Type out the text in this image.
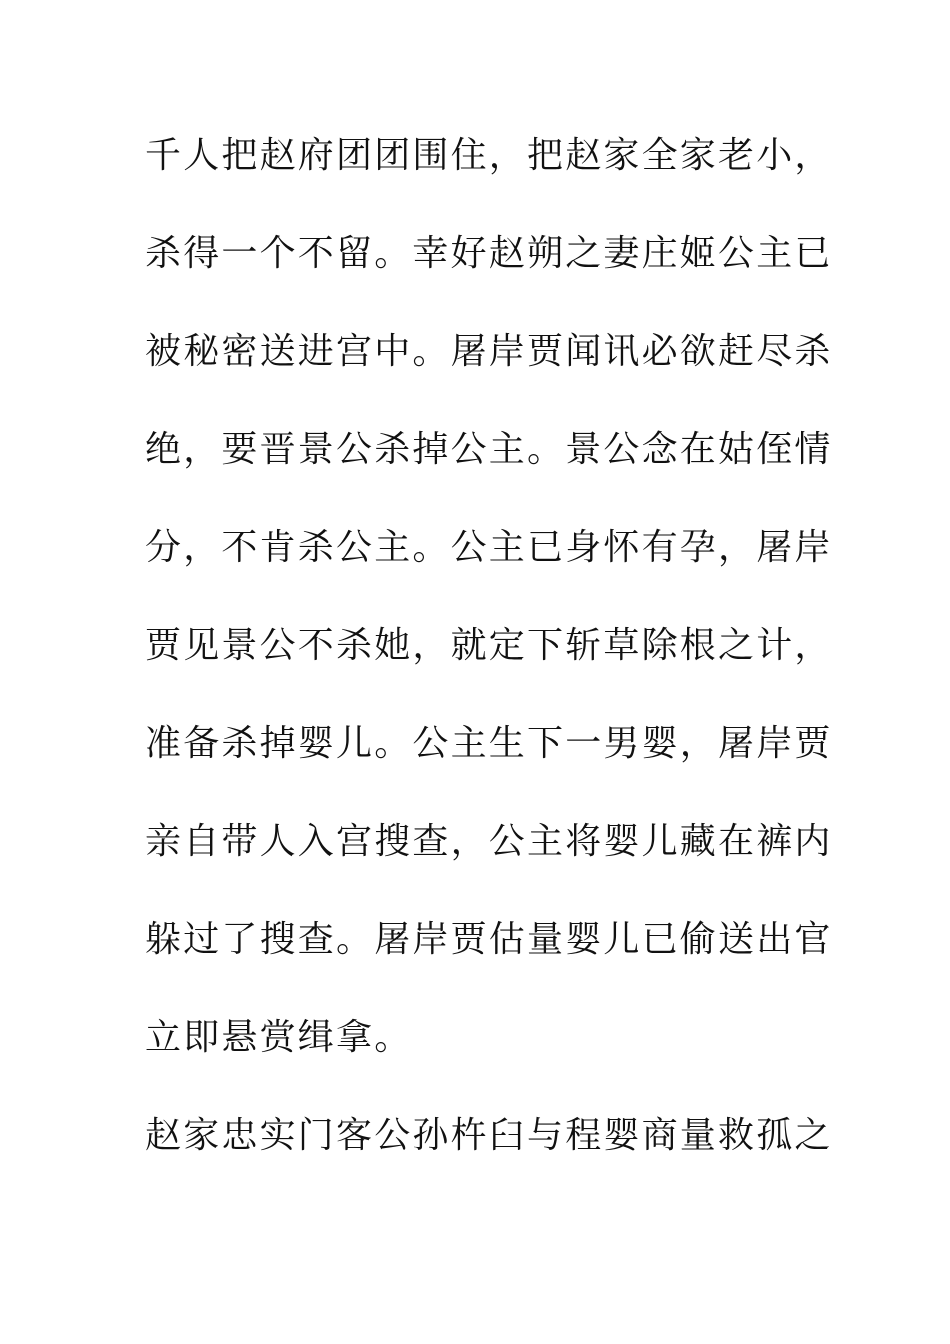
千人把赵府团团围住，把赵家全家老小，
杀得一个不留。幸好赵朔之妻庄姬公主已
被秘密送进宫中。屠岸贾闻讯必欲赶尽杀
绝，要晋景公杀掉公主。景公念在姑侄情
分，不肯杀公主。公主已身怀有孕，屠岸
贾见景公不杀她，就定下斩草除根之计，
准备杀掉婴儿。公主生下一男婴，屠岸贾
亲自带人入宫搜查，公主将婴儿藏在裤内
躲过了搜查。屠岸贾估量婴儿已偷送出官
立即悬赏缉拿。
赵家忠实门客公孙杵臼与程婴商量救孤之
